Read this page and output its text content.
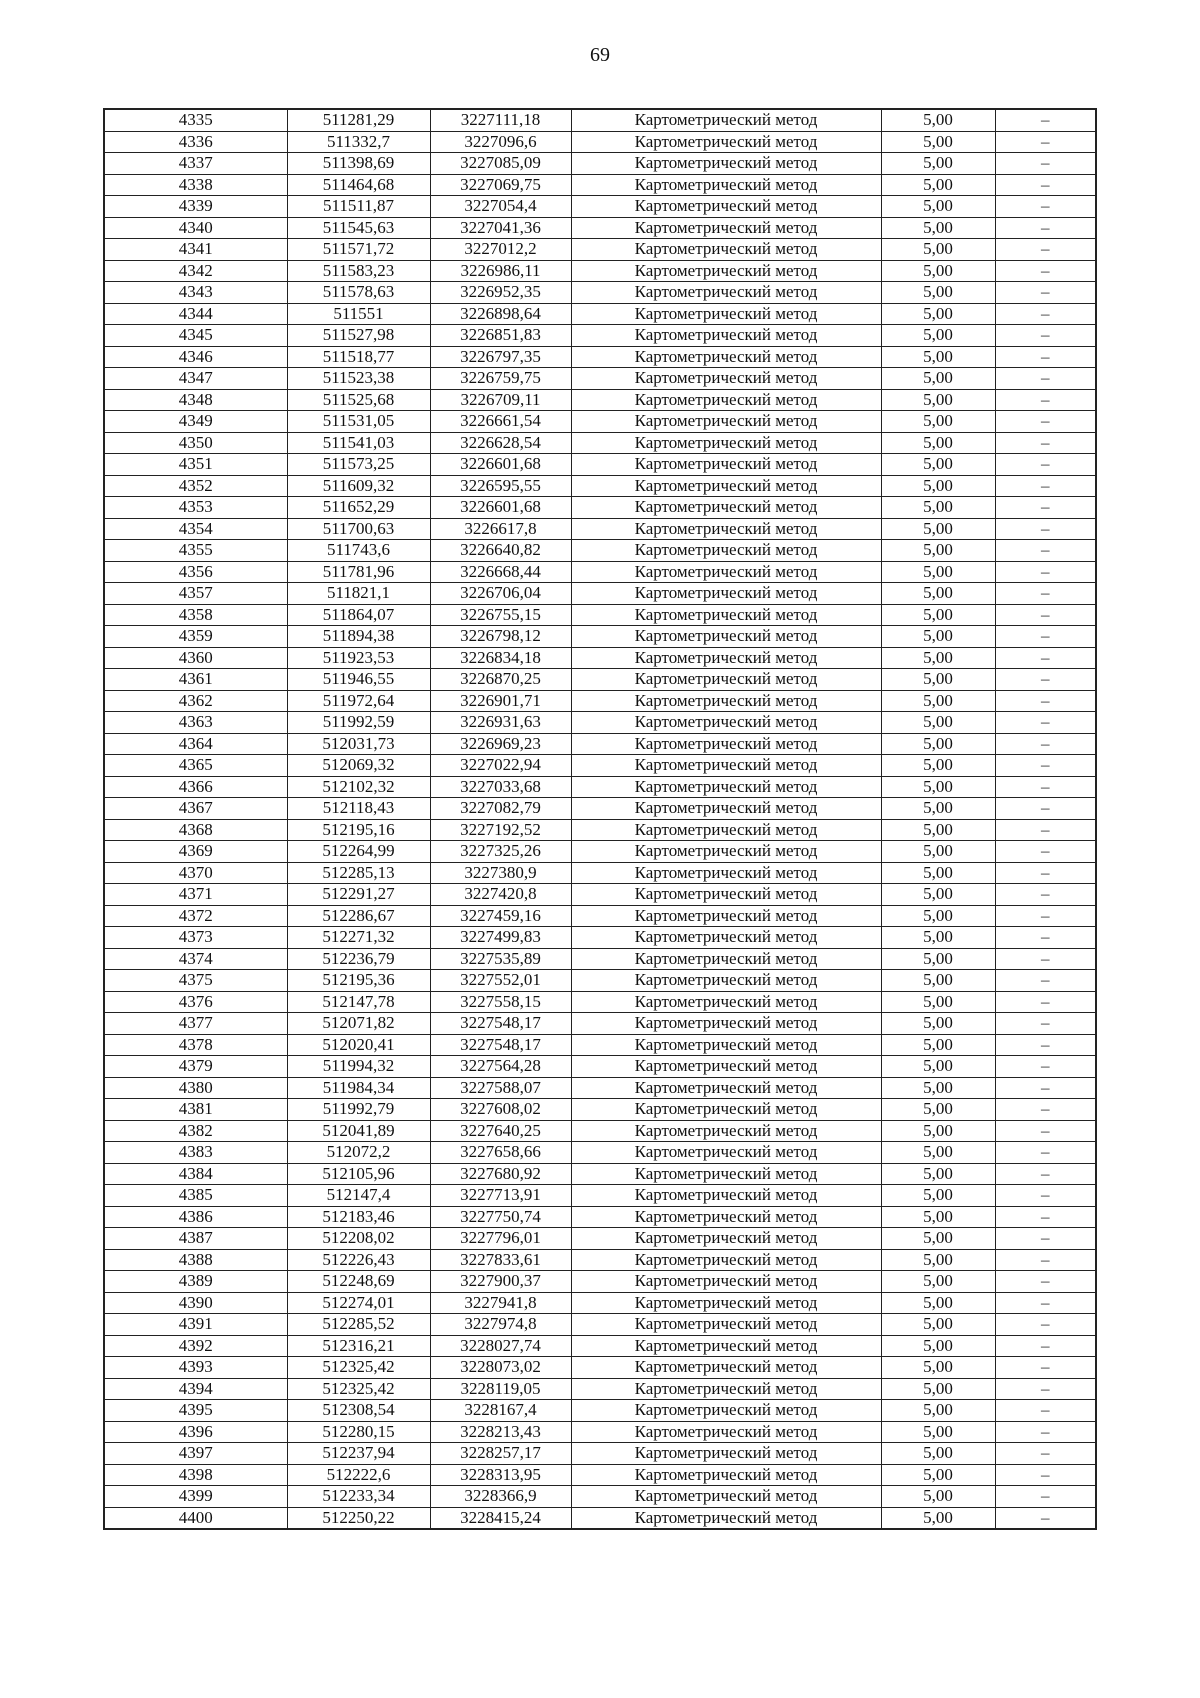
69
4335	511281,29	3227111,18	Картометрический метод	5,00	–
4336	511332,7	3227096,6	Картометрический метод	5,00	–
4337	511398,69	3227085,09	Картометрический метод	5,00	–
4338	511464,68	3227069,75	Картометрический метод	5,00	–
4339	511511,87	3227054,4	Картометрический метод	5,00	–
4340	511545,63	3227041,36	Картометрический метод	5,00	–
4341	511571,72	3227012,2	Картометрический метод	5,00	–
4342	511583,23	3226986,11	Картометрический метод	5,00	–
4343	511578,63	3226952,35	Картометрический метод	5,00	–
4344	511551	3226898,64	Картометрический метод	5,00	–
4345	511527,98	3226851,83	Картометрический метод	5,00	–
4346	511518,77	3226797,35	Картометрический метод	5,00	–
4347	511523,38	3226759,75	Картометрический метод	5,00	–
4348	511525,68	3226709,11	Картометрический метод	5,00	–
4349	511531,05	3226661,54	Картометрический метод	5,00	–
4350	511541,03	3226628,54	Картометрический метод	5,00	–
4351	511573,25	3226601,68	Картометрический метод	5,00	–
4352	511609,32	3226595,55	Картометрический метод	5,00	–
4353	511652,29	3226601,68	Картометрический метод	5,00	–
4354	511700,63	3226617,8	Картометрический метод	5,00	–
4355	511743,6	3226640,82	Картометрический метод	5,00	–
4356	511781,96	3226668,44	Картометрический метод	5,00	–
4357	511821,1	3226706,04	Картометрический метод	5,00	–
4358	511864,07	3226755,15	Картометрический метод	5,00	–
4359	511894,38	3226798,12	Картометрический метод	5,00	–
4360	511923,53	3226834,18	Картометрический метод	5,00	–
4361	511946,55	3226870,25	Картометрический метод	5,00	–
4362	511972,64	3226901,71	Картометрический метод	5,00	–
4363	511992,59	3226931,63	Картометрический метод	5,00	–
4364	512031,73	3226969,23	Картометрический метод	5,00	–
4365	512069,32	3227022,94	Картометрический метод	5,00	–
4366	512102,32	3227033,68	Картометрический метод	5,00	–
4367	512118,43	3227082,79	Картометрический метод	5,00	–
4368	512195,16	3227192,52	Картометрический метод	5,00	–
4369	512264,99	3227325,26	Картометрический метод	5,00	–
4370	512285,13	3227380,9	Картометрический метод	5,00	–
4371	512291,27	3227420,8	Картометрический метод	5,00	–
4372	512286,67	3227459,16	Картометрический метод	5,00	–
4373	512271,32	3227499,83	Картометрический метод	5,00	–
4374	512236,79	3227535,89	Картометрический метод	5,00	–
4375	512195,36	3227552,01	Картометрический метод	5,00	–
4376	512147,78	3227558,15	Картометрический метод	5,00	–
4377	512071,82	3227548,17	Картометрический метод	5,00	–
4378	512020,41	3227548,17	Картометрический метод	5,00	–
4379	511994,32	3227564,28	Картометрический метод	5,00	–
4380	511984,34	3227588,07	Картометрический метод	5,00	–
4381	511992,79	3227608,02	Картометрический метод	5,00	–
4382	512041,89	3227640,25	Картометрический метод	5,00	–
4383	512072,2	3227658,66	Картометрический метод	5,00	–
4384	512105,96	3227680,92	Картометрический метод	5,00	–
4385	512147,4	3227713,91	Картометрический метод	5,00	–
4386	512183,46	3227750,74	Картометрический метод	5,00	–
4387	512208,02	3227796,01	Картометрический метод	5,00	–
4388	512226,43	3227833,61	Картометрический метод	5,00	–
4389	512248,69	3227900,37	Картометрический метод	5,00	–
4390	512274,01	3227941,8	Картометрический метод	5,00	–
4391	512285,52	3227974,8	Картометрический метод	5,00	–
4392	512316,21	3228027,74	Картометрический метод	5,00	–
4393	512325,42	3228073,02	Картометрический метод	5,00	–
4394	512325,42	3228119,05	Картометрический метод	5,00	–
4395	512308,54	3228167,4	Картометрический метод	5,00	–
4396	512280,15	3228213,43	Картометрический метод	5,00	–
4397	512237,94	3228257,17	Картометрический метод	5,00	–
4398	512222,6	3228313,95	Картометрический метод	5,00	–
4399	512233,34	3228366,9	Картометрический метод	5,00	–
4400	512250,22	3228415,24	Картометрический метод	5,00	–
